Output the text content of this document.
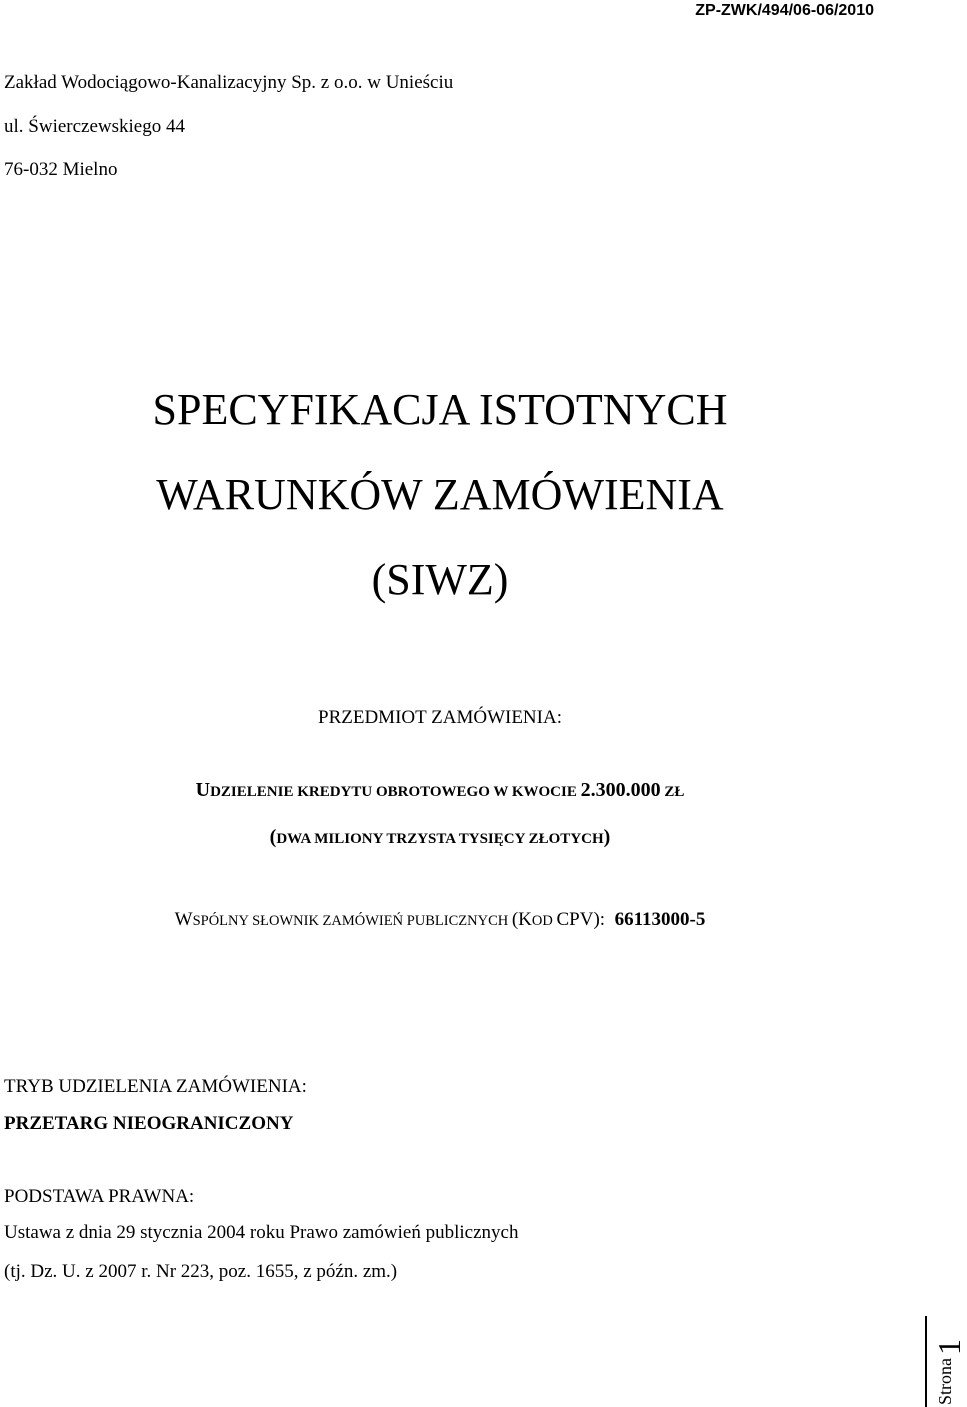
ZP-ZWK/494/06-06/2010
Zakład Wodociągowo-Kanalizacyjny Sp. z o.o. w Unieściu
ul. Świerczewskiego 44
76-032 Mielno
SPECYFIKACJA ISTOTNYCH
WARUNKÓW ZAMÓWIENIA
(SIWZ)
PRZEDMIOT ZAMÓWIENIA:
UDZIELENIE KREDYTU OBROTOWEGO W KWOCIE 2.300.000 ZŁ
(DWA MILIONY TRZYSTA TYSIĘCY ZŁOTYCH)
WSPÓLNY SŁOWNIK ZAMÓWIEŃ PUBLICZNYCH (KOD CPV): 66113000-5
TRYB UDZIELENIA ZAMÓWIENIA:
PRZETARG NIEOGRANICZONY
PODSTAWA PRAWNA:
Ustawa z dnia 29 stycznia 2004 roku Prawo zamówień publicznych
(tj. Dz. U. z 2007 r. Nr 223, poz. 1655, z późn. zm.)
1
Strona
